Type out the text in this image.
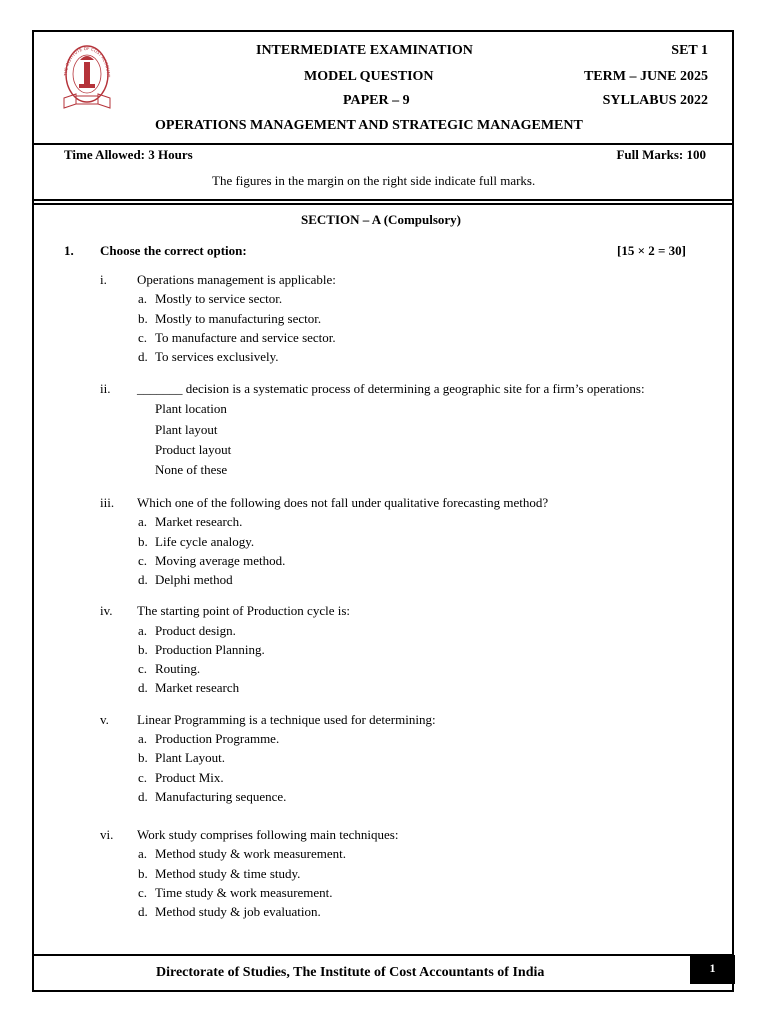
THE INSTITUTE OF COST ACCOUNT
INTERMEDIATE EXAMINATION
MODEL QUESTION
PAPER – 9
SET 1
TERM – JUNE 2025
SYLLABUS 2022
OPERATIONS MANAGEMENT AND STRATEGIC MANAGEMENT
Time Allowed: 3 Hours	Full Marks: 100
The figures in the margin on the right side indicate full marks.
SECTION – A (Compulsory)
1. Choose the correct option:	[15 × 2 = 30]
i. Operations management is applicable:
a. Mostly to service sector.
b. Mostly to manufacturing sector.
c. To manufacture and service sector.
d. To services exclusively.
ii. _______ decision is a systematic process of determining a geographic site for a firm’s operations:
Plant location
Plant layout
Product layout
None of these
iii. Which one of the following does not fall under qualitative forecasting method?
a. Market research.
b. Life cycle analogy.
c. Moving average method.
d. Delphi method
iv. The starting point of Production cycle is:
a. Product design.
b. Production Planning.
c. Routing.
d. Market research
v. Linear Programming is a technique used for determining:
a. Production Programme.
b. Plant Layout.
c. Product Mix.
d. Manufacturing sequence.
vi. Work study comprises following main techniques:
a. Method study & work measurement.
b. Method study & time study.
c. Time study & work measurement.
d. Method study & job evaluation.
Directorate of Studies, The Institute of Cost Accountants of India	1
